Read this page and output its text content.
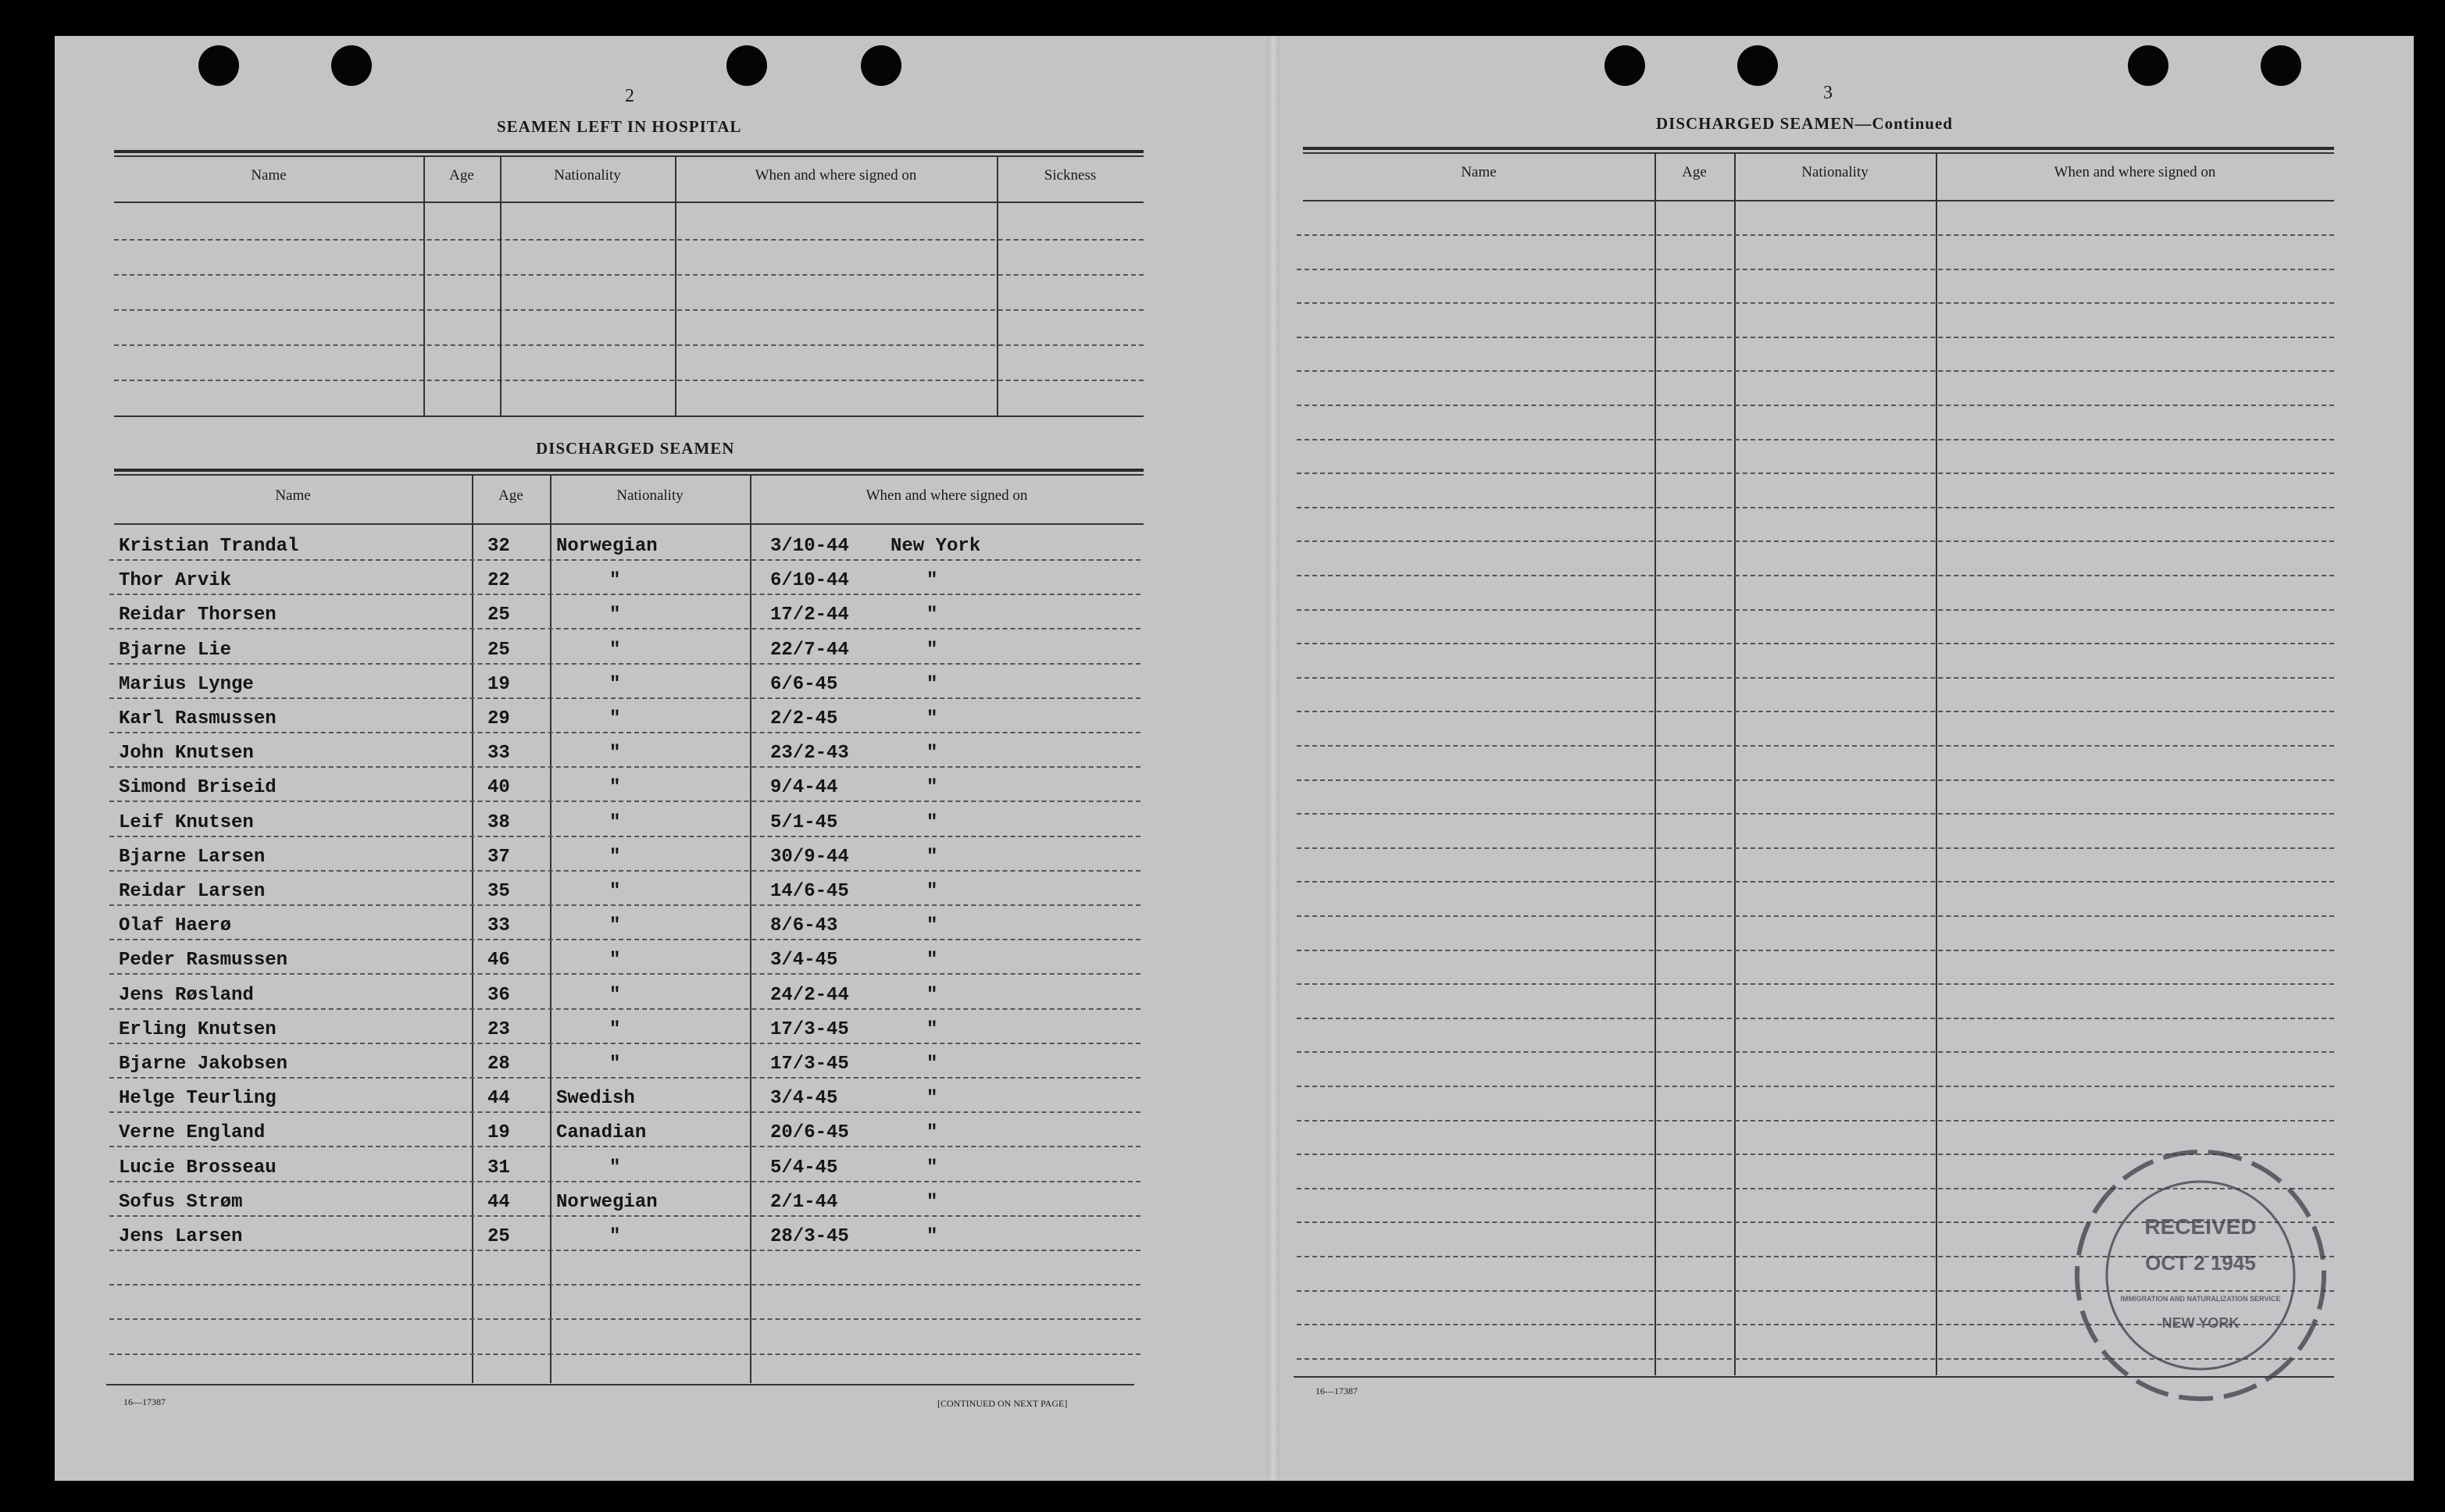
2
SEAMEN LEFT IN HOSPITAL
Name	Age	Nationality	When and where signed on	Sickness
DISCHARGED SEAMEN
Name	Age	Nationality	When and where signed on
Kristian Trandal	32 Norwegian	3/10-44 New York
Thor Arvik	22	"	6/10-44	"
Reidar Thorsen	25	"	17/2-44	"
Bjarne Lie	25	"	22/7-44	"
Marius Lynge	19	"	6/6-45	"
Karl Rasmussen	29	"	2/2-45	"
John Knutsen	33	"	23/2-43	"
Simond Briseid	40	"	9/4-44	"
Leif Knutsen	38	"	5/1-45	"
Bjarne Larsen	37	"	30/9-44	"
Reidar Larsen	35	"	14/6-45	"
Olaf Haerø	33	"	8/6-43	"
Peder Rasmussen	46	"	3/4-45	"
Jens Røsland	36	"	24/2-44	"
Erling Knutsen	23	"	17/3-45	"
Bjarne Jakobsen	28	"	17/3-45	"
Helge Teurling	44 Swedish	3/4-45	"
Verne England	19 Canadian	20/6-45	"
Lucie Brosseau	31	"	5/4-45	"
Sofus Strøm	44 Norwegian	2/1-44	"
Jens Larsen	25	"	28/3-45	"
16—17387	[CONTINUED ON NEXT PAGE]
3
DISCHARGED SEAMEN—Continued
Name	Age	Nationality	When and where signed on
16—17387
RECEIVED
OCT 2 1945
IMMIGRATION AND NATURALIZATION SERVICE
NEW YORK
